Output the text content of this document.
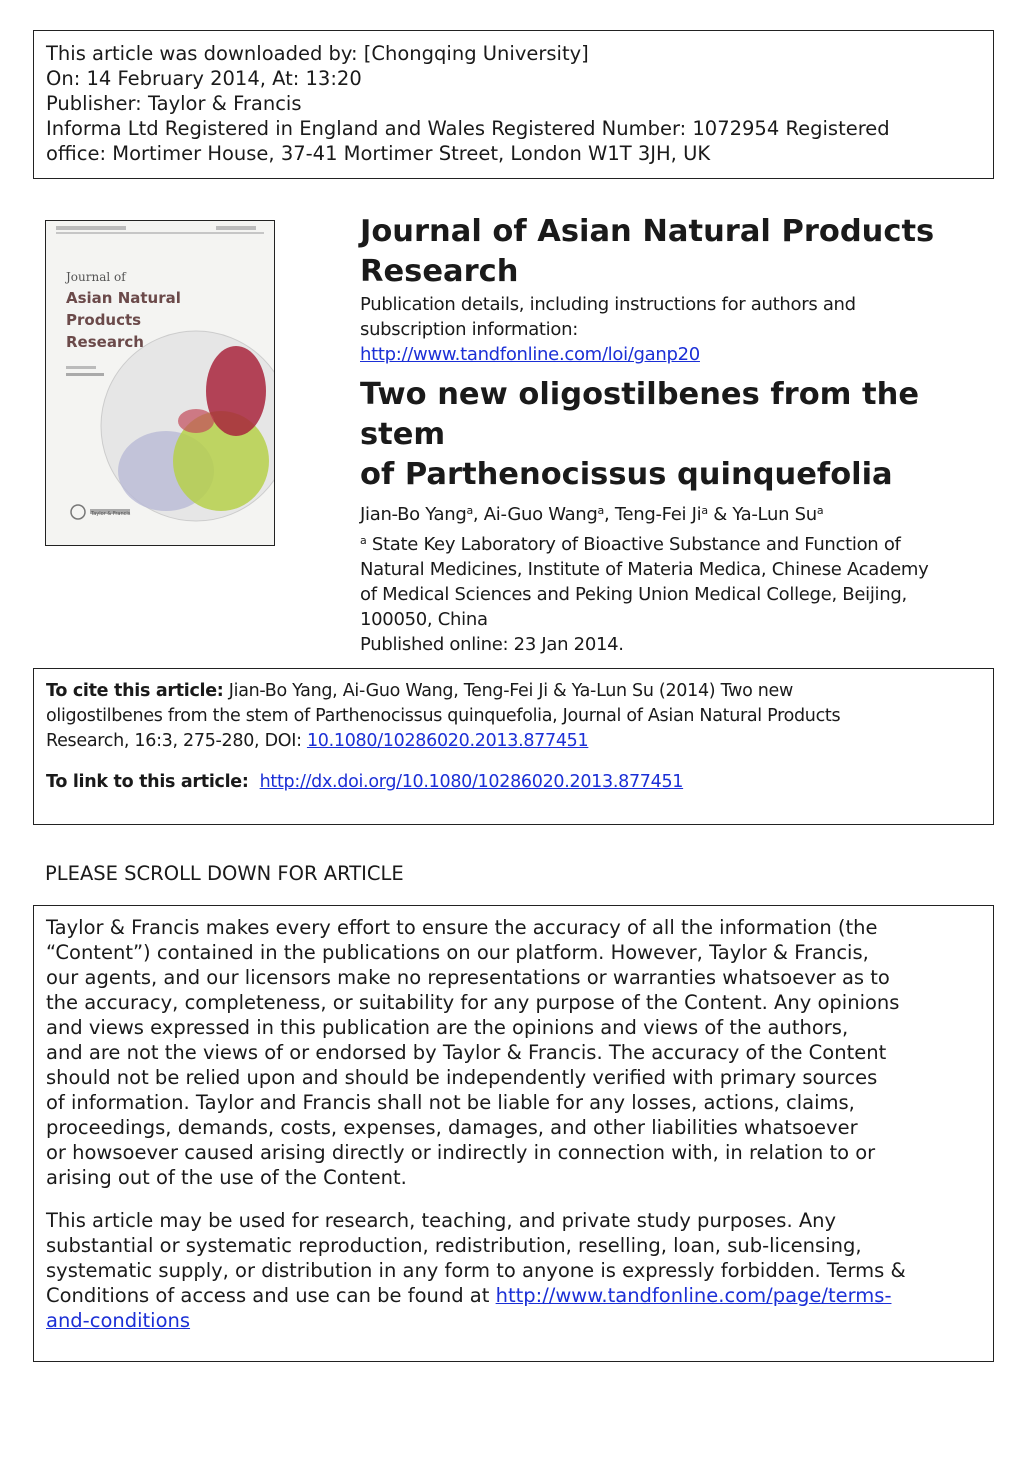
This article was downloaded by: [Chongqing University]
On: 14 February 2014, At: 13:20
Publisher: Taylor & Francis
Informa Ltd Registered in England and Wales Registered Number: 1072954 Registered
office: Mortimer House, 37-41 Mortimer Street, London W1T 3JH, UK
Journal of
Asian Natural
Products
Research
Taylor & Francis
Journal of Asian Natural Products
Research
Publication details, including instructions for authors and
subscription information:
http://www.tandfonline.com/loi/ganp20
Two new oligostilbenes from the stem
of Parthenocissus quinquefolia
Jian-Bo Yang$^a$, Ai-Guo Wang$^a$, Teng-Fei Ji$^a$ & Ya-Lun Su$^a$
$^a$ State Key Laboratory of Bioactive Substance and Function of
Natural Medicines, Institute of Materia Medica, Chinese Academy
of Medical Sciences and Peking Union Medical College, Beijing,
100050, China
Published online: 23 Jan 2014.
To cite this article: Jian-Bo Yang, Ai-Guo Wang, Teng-Fei Ji & Ya-Lun Su (2014) Two new
oligostilbenes from the stem of Parthenocissus quinquefolia, Journal of Asian Natural Products
Research, 16:3, 275-280, DOI: 10.1080/10286020.2013.877451
To link to this article:  http://dx.doi.org/10.1080/10286020.2013.877451
PLEASE SCROLL DOWN FOR ARTICLE
Taylor & Francis makes every effort to ensure the accuracy of all the information (the
“Content”) contained in the publications on our platform. However, Taylor & Francis,
our agents, and our licensors make no representations or warranties whatsoever as to
the accuracy, completeness, or suitability for any purpose of the Content. Any opinions
and views expressed in this publication are the opinions and views of the authors,
and are not the views of or endorsed by Taylor & Francis. The accuracy of the Content
should not be relied upon and should be independently verified with primary sources
of information. Taylor and Francis shall not be liable for any losses, actions, claims,
proceedings, demands, costs, expenses, damages, and other liabilities whatsoever
or howsoever caused arising directly or indirectly in connection with, in relation to or
arising out of the use of the Content.
This article may be used for research, teaching, and private study purposes. Any
substantial or systematic reproduction, redistribution, reselling, loan, sub-licensing,
systematic supply, or distribution in any form to anyone is expressly forbidden. Terms &
Conditions of access and use can be found at http://www.tandfonline.com/page/terms-
and-conditions
